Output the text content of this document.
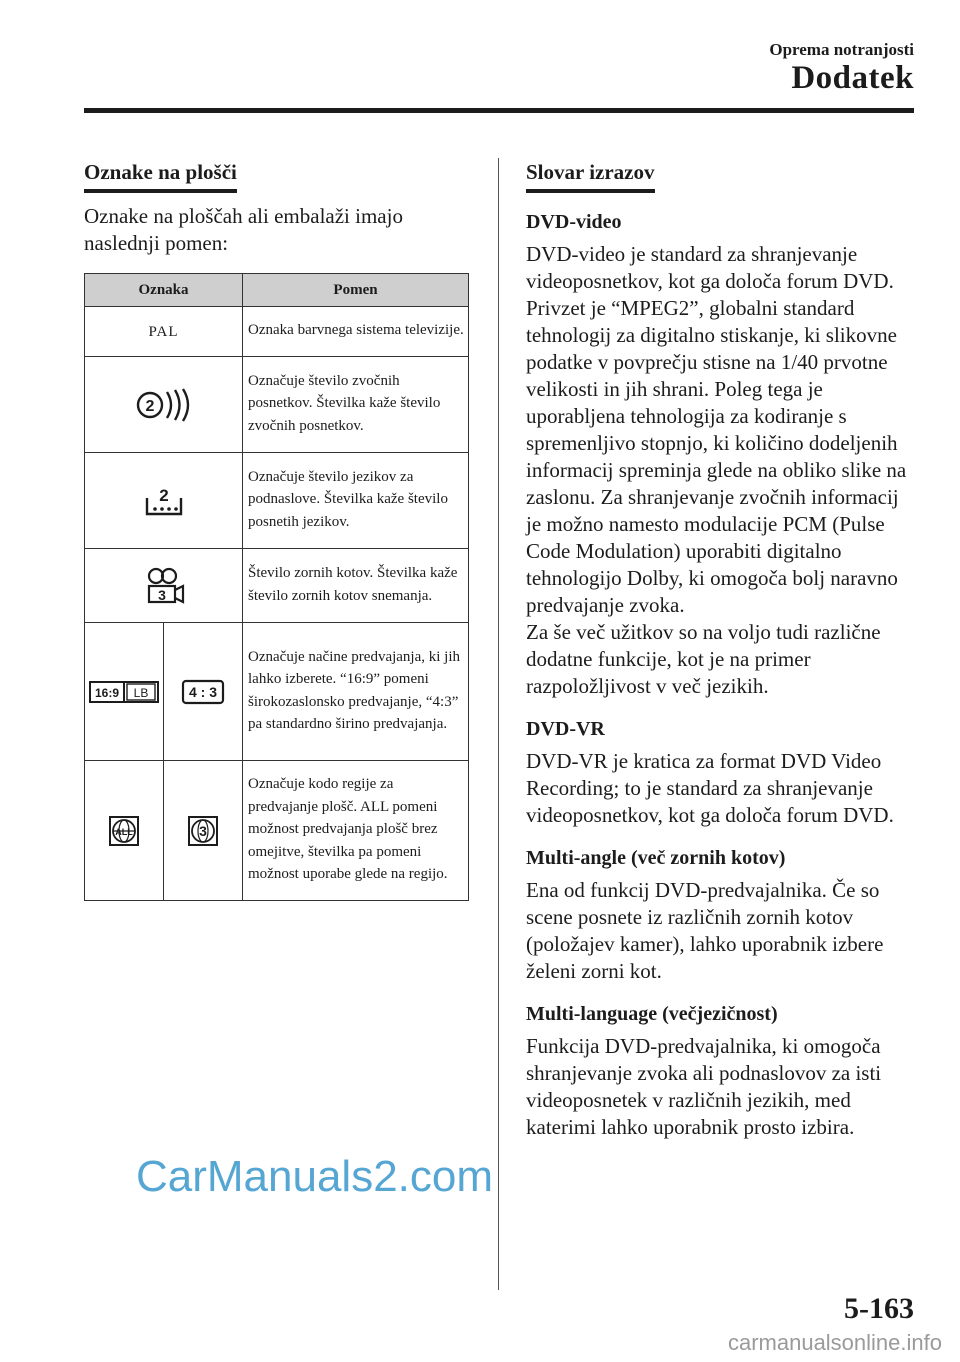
Oprema notranjosti
Dodatek
Oznake na plošči

Oznake na ploščah ali embalaži imajo naslednji pomen:

Oznaka		Pomen
PAL		Oznaka barvnega sistema televizije.

2		Označuje število zvočnih posnetkov. Številka kaže število zvočnih posnetkov.

2		Označuje število jezikov za podnaslove. Številka kaže število posnetih jezikov.

3		Število zornih kotov. Številka kaže število zornih kotov snemanja.

16:9 LB	4 : 3	Označuje načine predvajanja, ki jih lahko izberete. “16:9” pomeni širokozaslonsko predvajanje, “4:3” pa standardno širino predvajanja.

ALL	3	Označuje kodo regije za predvajanje plošč. ALL pomeni možnost predvajanja plošč brez omejitve, številka pa pomeni možnost uporabe glede na regijo.
Slovar izrazov
DVD-video

DVD-video je standard za shranjevanje videoposnetkov, kot ga določa forum DVD.

Privzet je “MPEG2”, globalni standard tehnologij za digitalno stiskanje, ki slikovne podatke v povprečju stisne na 1/40 prvotne velikosti in jih shrani. Poleg tega je uporabljena tehnologija za kodiranje s spremenljivo stopnjo, ki količino dodeljenih informacij spreminja glede na obliko slike na zaslonu. Za shranjevanje zvočnih informacij je možno namesto modulacije PCM (Pulse Code Modulation) uporabiti digitalno tehnologijo Dolby, ki omogoča bolj naravno predvajanje zvoka.

Za še več užitkov so na voljo tudi različne dodatne funkcije, kot je na primer razpoložljivost v več jezikih.

DVD-VR

DVD-VR je kratica za format DVD Video Recording; to je standard za shranjevanje videoposnetkov, kot ga določa forum DVD.

Multi-angle (več zornih kotov)

Ena od funkcij DVD-predvajalnika. Če so scene posnete iz različnih zornih kotov (položajev kamer), lahko uporabnik izbere želeni zorni kot.

Multi-language (večjezičnost)

Funkcija DVD-predvajalnika, ki omogoča shranjevanje zvoka ali podnaslovov za isti videoposnetek v različnih jezikih, med katerimi lahko uporabnik prosto izbira.

CarManuals2.com
5-163
carmanualsonline.info
